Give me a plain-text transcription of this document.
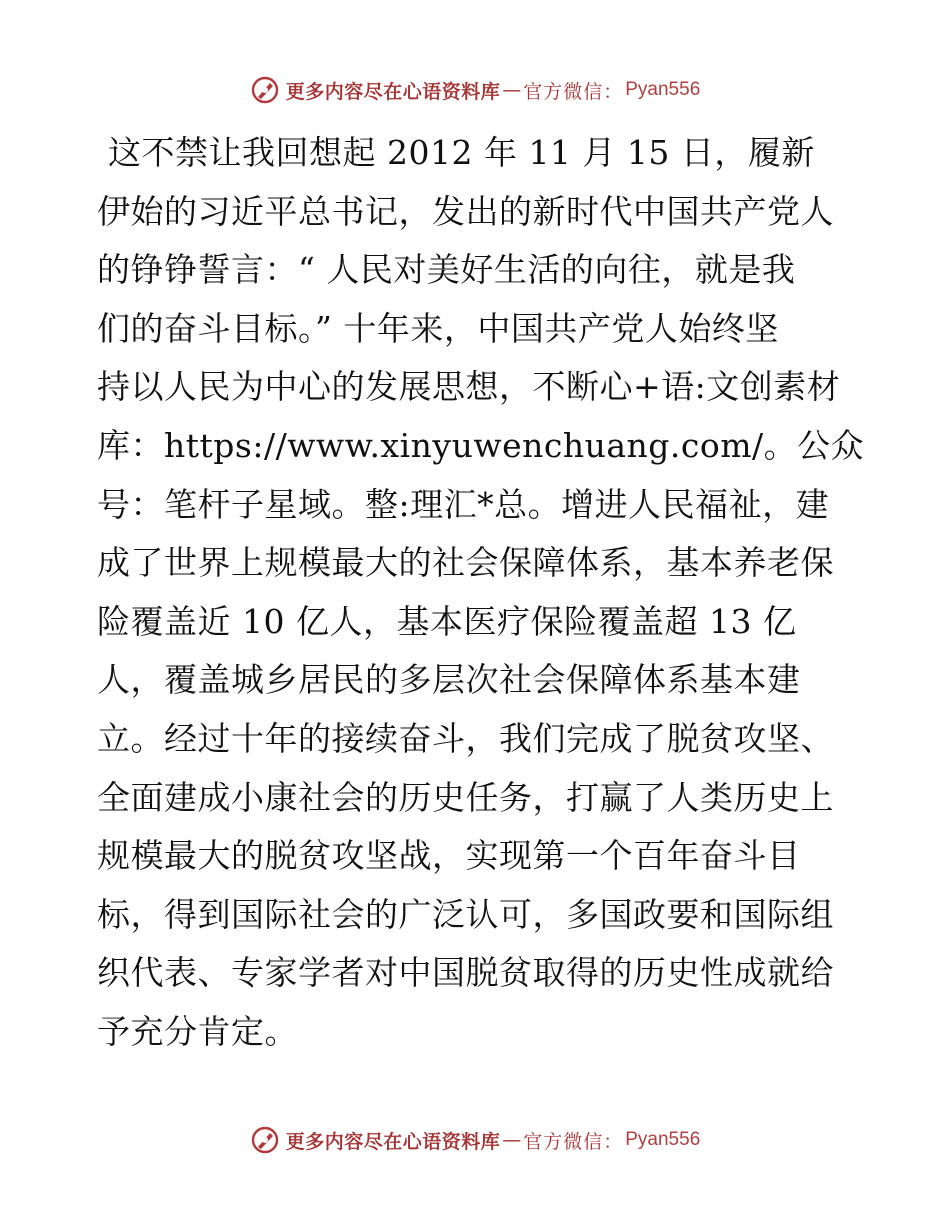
更多内容尽在心语资料库 — 官方微信： Pyan556
这不禁让我回想起 2012 年 11 月 15 日，履新
伊始的习近平总书记，发出的新时代中国共产党人
的铮铮誓言：“ 人民对美好生活的向往，就是我
们的奋斗目标。” 十年来，中国共产党人始终坚
持以人民为中心的发展思想，不断心+语:文创素材
库：https://www.xinyuwenchuang.com/。公众
号：笔杆子星域。整:理汇*总。增进人民福祉，建
成了世界上规模最大的社会保障体系，基本养老保
险覆盖近 10 亿人，基本医疗保险覆盖超 13 亿
人，覆盖城乡居民的多层次社会保障体系基本建
立。经过十年的接续奋斗，我们完成了脱贫攻坚、
全面建成小康社会的历史任务，打赢了人类历史上
规模最大的脱贫攻坚战，实现第一个百年奋斗目
标，得到国际社会的广泛认可，多国政要和国际组
织代表、专家学者对中国脱贫取得的历史性成就给
予充分肯定。
更多内容尽在心语资料库 — 官方微信： Pyan556
